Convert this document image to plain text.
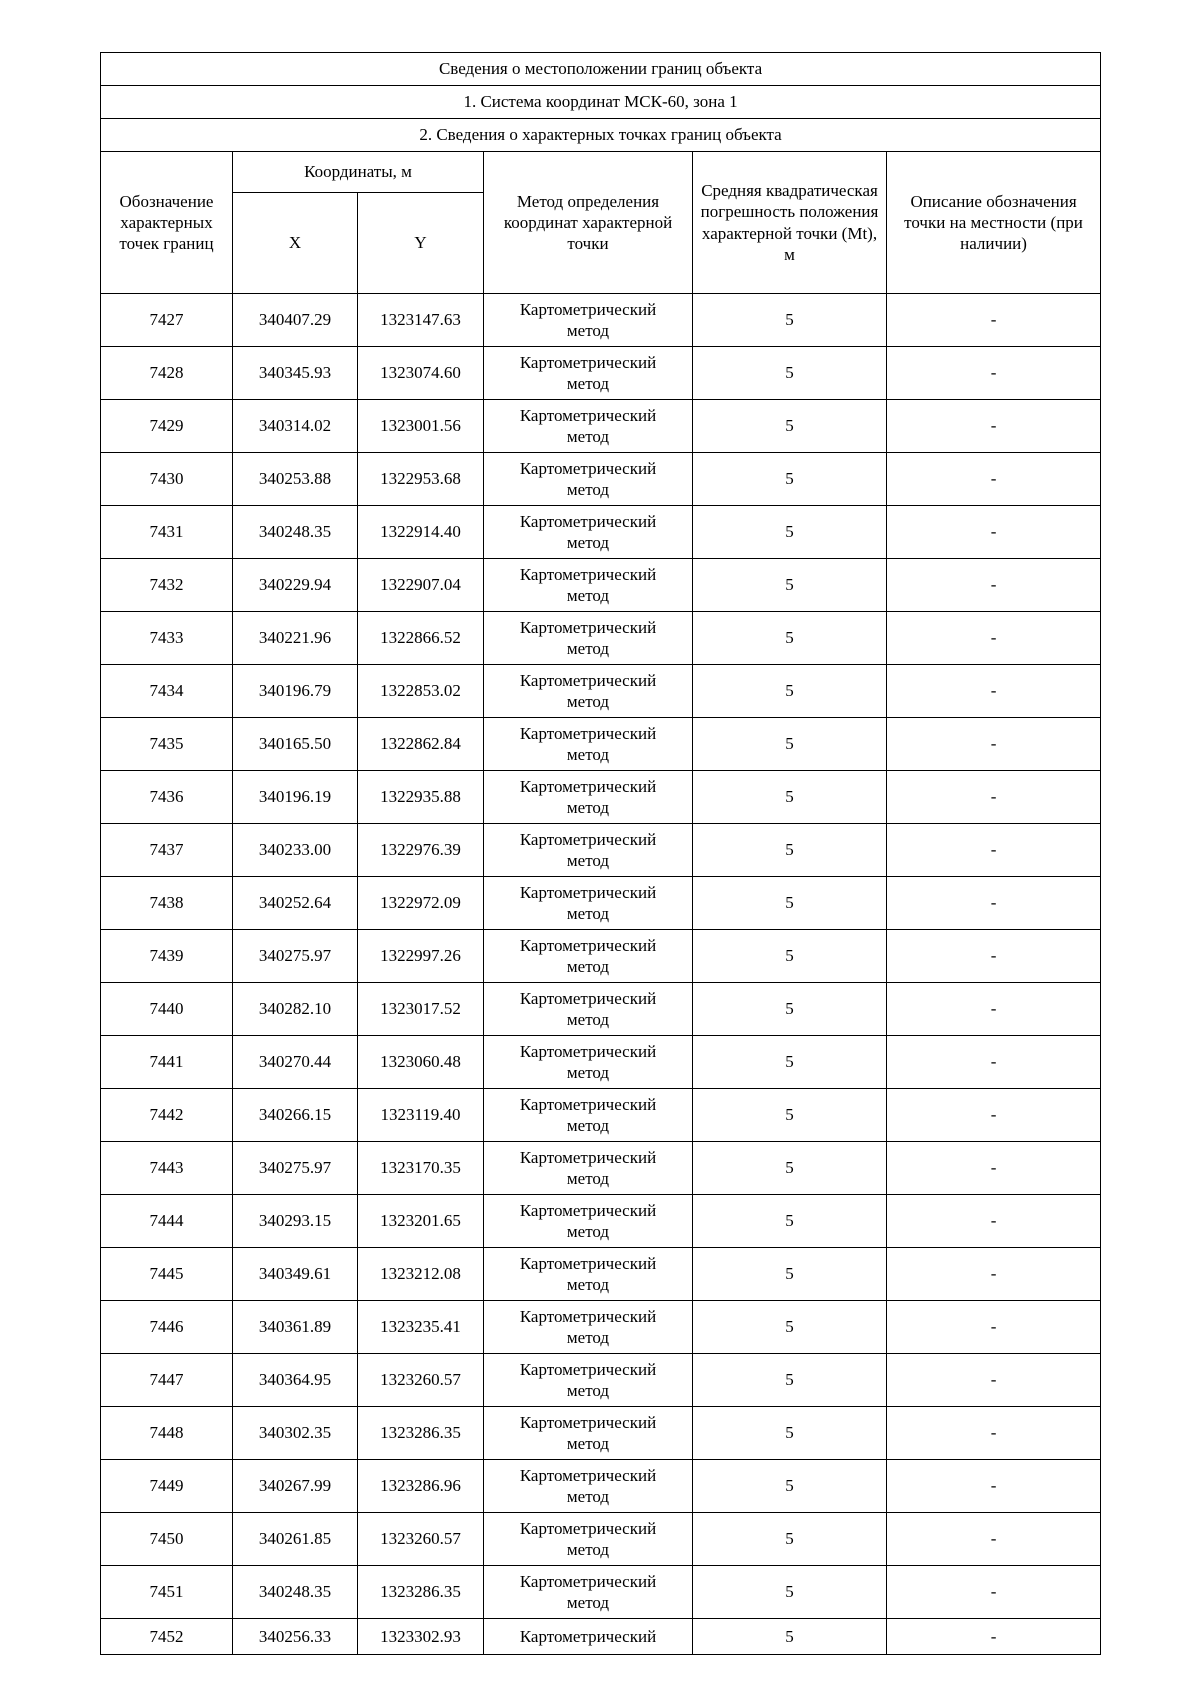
Сведения о местоположении границ объекта					
1. Система координат МСК-60, зона 1					
2. Сведения о характерных точках границ объекта					
Обозначение характерных точек границ	Координаты, м		Метод определения координат характерной точки	Средняя квадратическая погрешность положения характерной точки (Mt), м	Описание обозначения точки на местности (при наличии)
	X	Y			
7427	340407.29	1323147.63	Картометрический метод	5	-
7428	340345.93	1323074.60	Картометрический метод	5	-
7429	340314.02	1323001.56	Картометрический метод	5	-
7430	340253.88	1322953.68	Картометрический метод	5	-
7431	340248.35	1322914.40	Картометрический метод	5	-
7432	340229.94	1322907.04	Картометрический метод	5	-
7433	340221.96	1322866.52	Картометрический метод	5	-
7434	340196.79	1322853.02	Картометрический метод	5	-
7435	340165.50	1322862.84	Картометрический метод	5	-
7436	340196.19	1322935.88	Картометрический метод	5	-
7437	340233.00	1322976.39	Картометрический метод	5	-
7438	340252.64	1322972.09	Картометрический метод	5	-
7439	340275.97	1322997.26	Картометрический метод	5	-
7440	340282.10	1323017.52	Картометрический метод	5	-
7441	340270.44	1323060.48	Картометрический метод	5	-
7442	340266.15	1323119.40	Картометрический метод	5	-
7443	340275.97	1323170.35	Картометрический метод	5	-
7444	340293.15	1323201.65	Картометрический метод	5	-
7445	340349.61	1323212.08	Картометрический метод	5	-
7446	340361.89	1323235.41	Картометрический метод	5	-
7447	340364.95	1323260.57	Картометрический метод	5	-
7448	340302.35	1323286.35	Картометрический метод	5	-
7449	340267.99	1323286.96	Картометрический метод	5	-
7450	340261.85	1323260.57	Картометрический метод	5	-
7451	340248.35	1323286.35	Картометрический метод	5	-
7452	340256.33	1323302.93	Картометрический	5	-
